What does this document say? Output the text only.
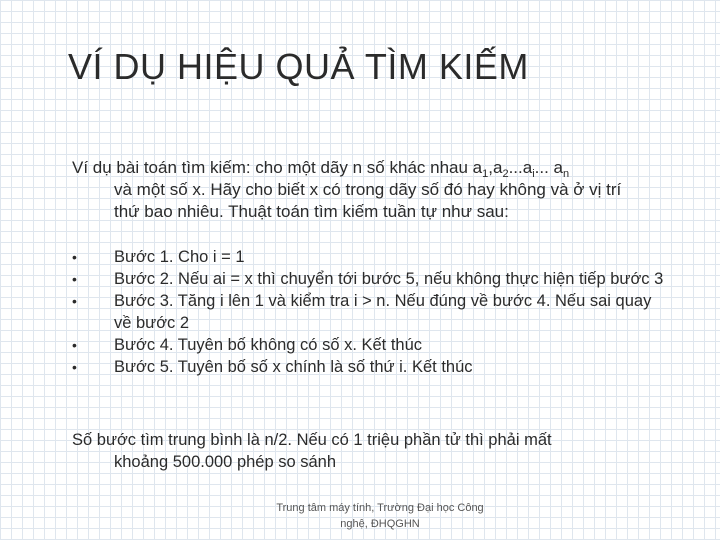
VÍ DỤ HIỆU QUẢ TÌM KIẾM
Ví dụ bài toán tìm kiếm: cho một dãy n số khác nhau $a_1,a_2...a_i$... $a_n$
và một số x. Hãy cho biết x có trong dãy số đó hay không và ở vị trí
thứ bao nhiêu. Thuật toán tìm kiếm tuần tự như sau:
• Bước 1. Cho i = 1
• Bước 2. Nếu ai = x thì chuyển tới bước 5, nếu không thực hiện tiếp bước 3
• Bước 3. Tăng i lên 1 và kiểm tra i > n. Nếu đúng về bước 4. Nếu sai quay về bước 2
• Bước 4. Tuyên bố không có số x. Kết thúc
• Bước 5. Tuyên bố số x chính là số thứ i. Kết thúc
Số bước tìm trung bình là n/2. Nếu có 1 triệu phần tử thì phải mất
khoảng 500.000 phép so sánh
Trung tâm máy tính, Trường Đại học Công
nghệ, ĐHQGHN
